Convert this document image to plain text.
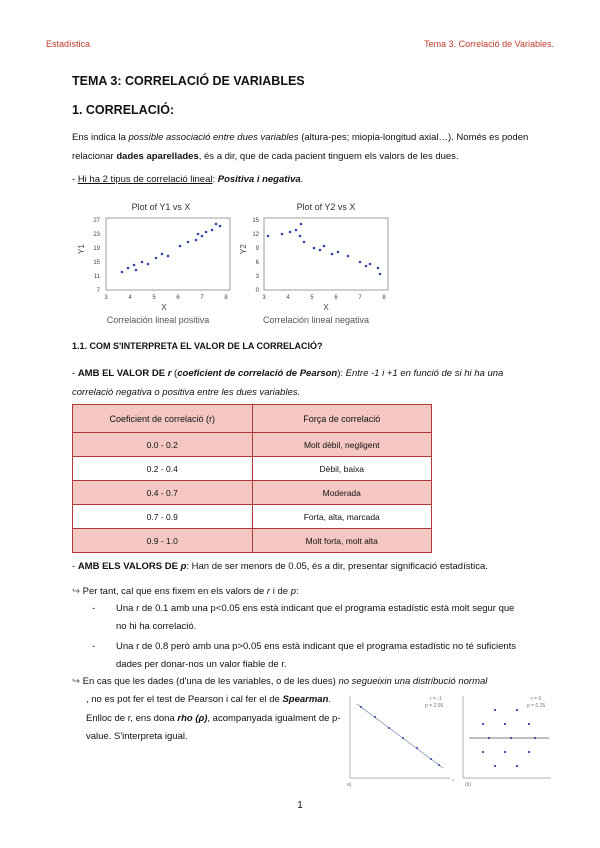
Estadística	Tema 3. Correlació de Variables.
TEMA 3: CORRELACIÓ DE VARIABLES
1. CORRELACIÓ:
Ens indica la possible associació entre dues variables (altura-pes; miopia-longitud axial…). Només es poden relacionar dades aparellades, és a dir, que de cada pacient tinguem els valors de les dues.
- Hi ha 2 tipus de correlació lineal: Positiva i negativa.
Plot of Y1 vs X
27
23
19
15
11
7
3	4	5	6	7	8
Y1
X
Correlación lineal positiva
Plot of Y2 vs X
15
12
9
6
3
0
3	4	5	6	7	8
Y2
X
Correlación lineal negativa
1.1. COM S'INTERPRETA EL VALOR DE LA CORRELACIÓ?
- AMB EL VALOR DE r (coeficient de correlació de Pearson): Entre -1 i +1 en funció de si hi ha una correlació negativa o positiva entre les dues variables.
Coeficient de correlació (r)	Força de correlació
0.0 - 0.2	Molt dèbil, negligent
0.2 - 0.4	Dèbil, baixa
0.4 - 0.7	Moderada
0.7 - 0.9	Forta, alta, marcada
0.9 - 1.0	Molt forta, molt alta
- AMB ELS VALORS DE p: Han de ser menors de 0.05, és a dir, presentar significació estadística.
↪ Per tant, cal que ens fixem en els valors de r i de p:
- Una r de 0.1 amb una p<0.05 ens està indicant que el programa estadístic està molt segur que no hi ha correlació.
- Una r de 0.8 però amb una p>0.05 ens està indicant que el programa estadístic no té suficients dades per donar-nos un valor fiable de r.
↪ En cas que les dades (d'una de les variables, o de les dues) no segueixin una distribució normal
, no es pot fer el test de Pearson i cal fer el de Spearman. Enlloc de r, ens dona rho (ρ), acompanyada igualment de p-value. S'interpreta igual.
r = -1
p = 2.05
a)
›
r = 0
p = 0.25
(b)
1
